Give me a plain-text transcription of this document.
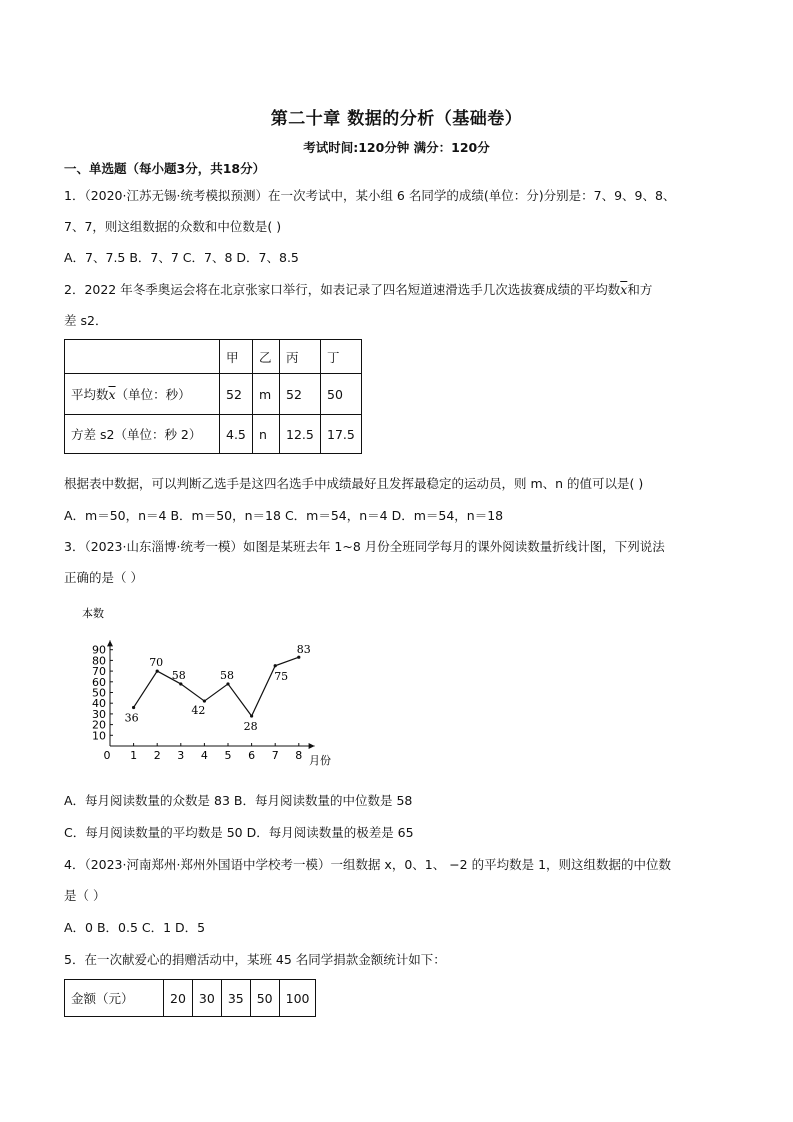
第二十章 数据的分析（基础卷）
考试时间:120分钟 满分：120分
一、单选题（每小题3分，共18分）
1．（2020·江苏无锡·统考模拟预测）在一次考试中，某小组 6 名同学的成绩(单位：分)分别是：7、9、9、8、
7、7，则这组数据的众数和中位数是( )
A．7、7.5 B．7、7 C．7、8 D．7、8.5
2．2022 年冬季奥运会将在北京张家口举行，如表记录了四名短道速滑选手几次选拔赛成绩的平均数$\overline{x}$和方
差 s2．
	甲	乙	丙	丁
平均数$\overline{x}$（单位：秒）	52	m	52	50
方差 s2（单位：秒 2）	4.5	n	12.5	17.5
根据表中数据，可以判断乙选手是这四名选手中成绩最好且发挥最稳定的运动员，则 m、n 的值可以是( )
A．m＝50，n＝4 B．m＝50，n＝18 C．m＝54，n＝4 D．m＝54，n＝18
3．（2023·山东淄博·统考一模）如图是某班去年 1~8 月份全班同学每月的课外阅读数量折线计图，下列说法
正确的是（ ）
10
20
30
40
50
60
70
80
90
0 1 2 3 4 5 6 7 8
36
70
58
42
58
28
75
83
本数
月份
A．每月阅读数量的众数是 83 B．每月阅读数量的中位数是 58
C．每月阅读数量的平均数是 50 D．每月阅读数量的极差是 65
4．（2023·河南郑州·郑州外国语中学校考一模）一组数据 x，0、1、 −2 的平均数是 1，则这组数据的中位数
是（ ）
A．0 B．0.5 C．1 D．5
5．在一次献爱心的捐赠活动中，某班 45 名同学捐款金额统计如下：
金额（元）	20	30	35	50	100
